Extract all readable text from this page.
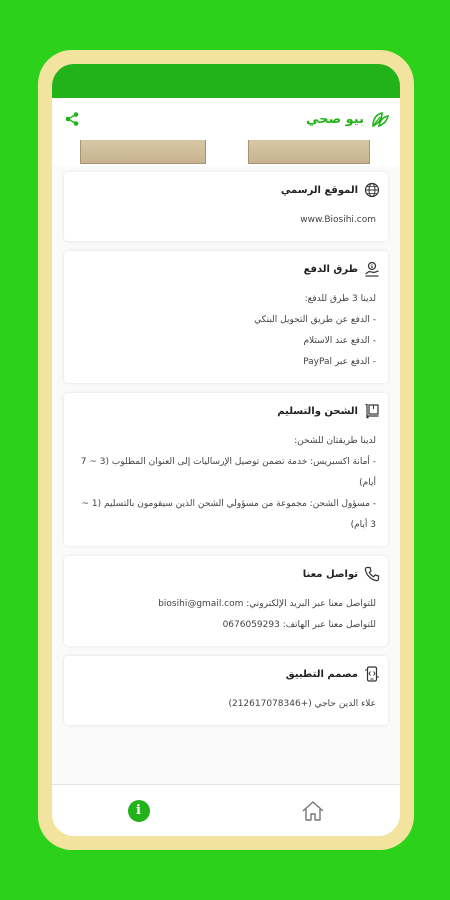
بيو صحي
الموقع الرسمي
www.Biosihi.com
$
طرق الدفع
لدينا 3 طرق للدفع:
- الدفع عن طريق التحويل البنكي
- الدفع عند الاستلام
- الدفع عبر PayPal
الشحن والتسليم
لدينا طريقتان للشحن:
- أمانة اكسبريس: خدمة تضمن توصيل الإرساليات إلى العنوان المطلوب (3 ~ 7 أيام)
- مسؤول الشحن: مجموعة من مسؤولي الشحن الذين سيقومون بالتسليم (1 ~ 3 أيام)
تواصل معنا
للتواصل معنا عبر البريد الإلكتروني: biosihi@gmail.com
للتواصل معنا عبر الهاتف: 0676059293
مصمم التطبيق
علاء الدين حاجي (+212617078346)
i
